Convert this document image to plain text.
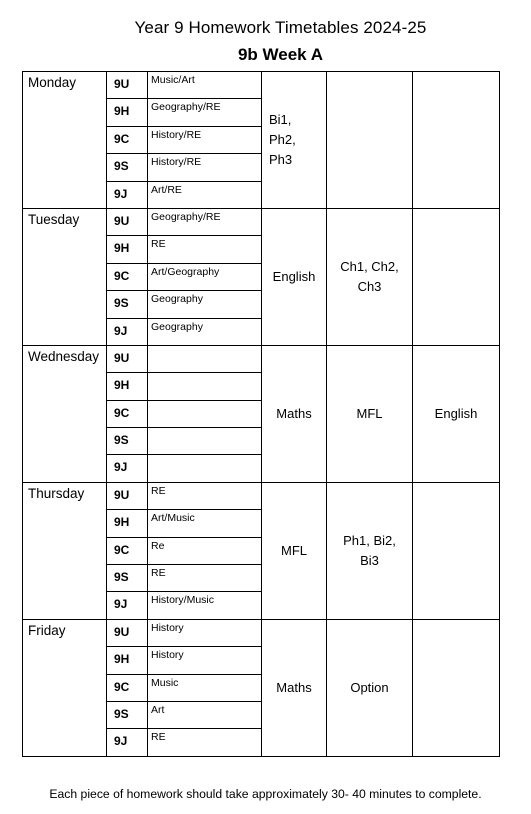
Year 9 Homework Timetables 2024-25
9b Week A
Monday	9U	Music/Art	Bi1,
Ph2,
Ph3		

	9H	Geography/RE			
	9C	History/RE			
	9S	History/RE			
	9J	Art/RE			
Tuesday	9U	Geography/RE	English	Ch1, Ch2,
Ch3	

	9H	RE			
	9C	Art/Geography			
	9S	Geography			
	9J	Geography			
Wednesday	9U		Maths	MFL	English

	9H				
	9C				
	9S				
	9J				
Thursday	9U	RE	MFL	Ph1, Bi2,
Bi3	

	9H	Art/Music			
	9C	Re			
	9S	RE			
	9J	History/Music			
Friday	9U	History	Maths	Option	

	9H	History			
	9C	Music			
	9S	Art			
	9J	RE			
Each piece of homework should take approximately 30- 40 minutes to complete.
